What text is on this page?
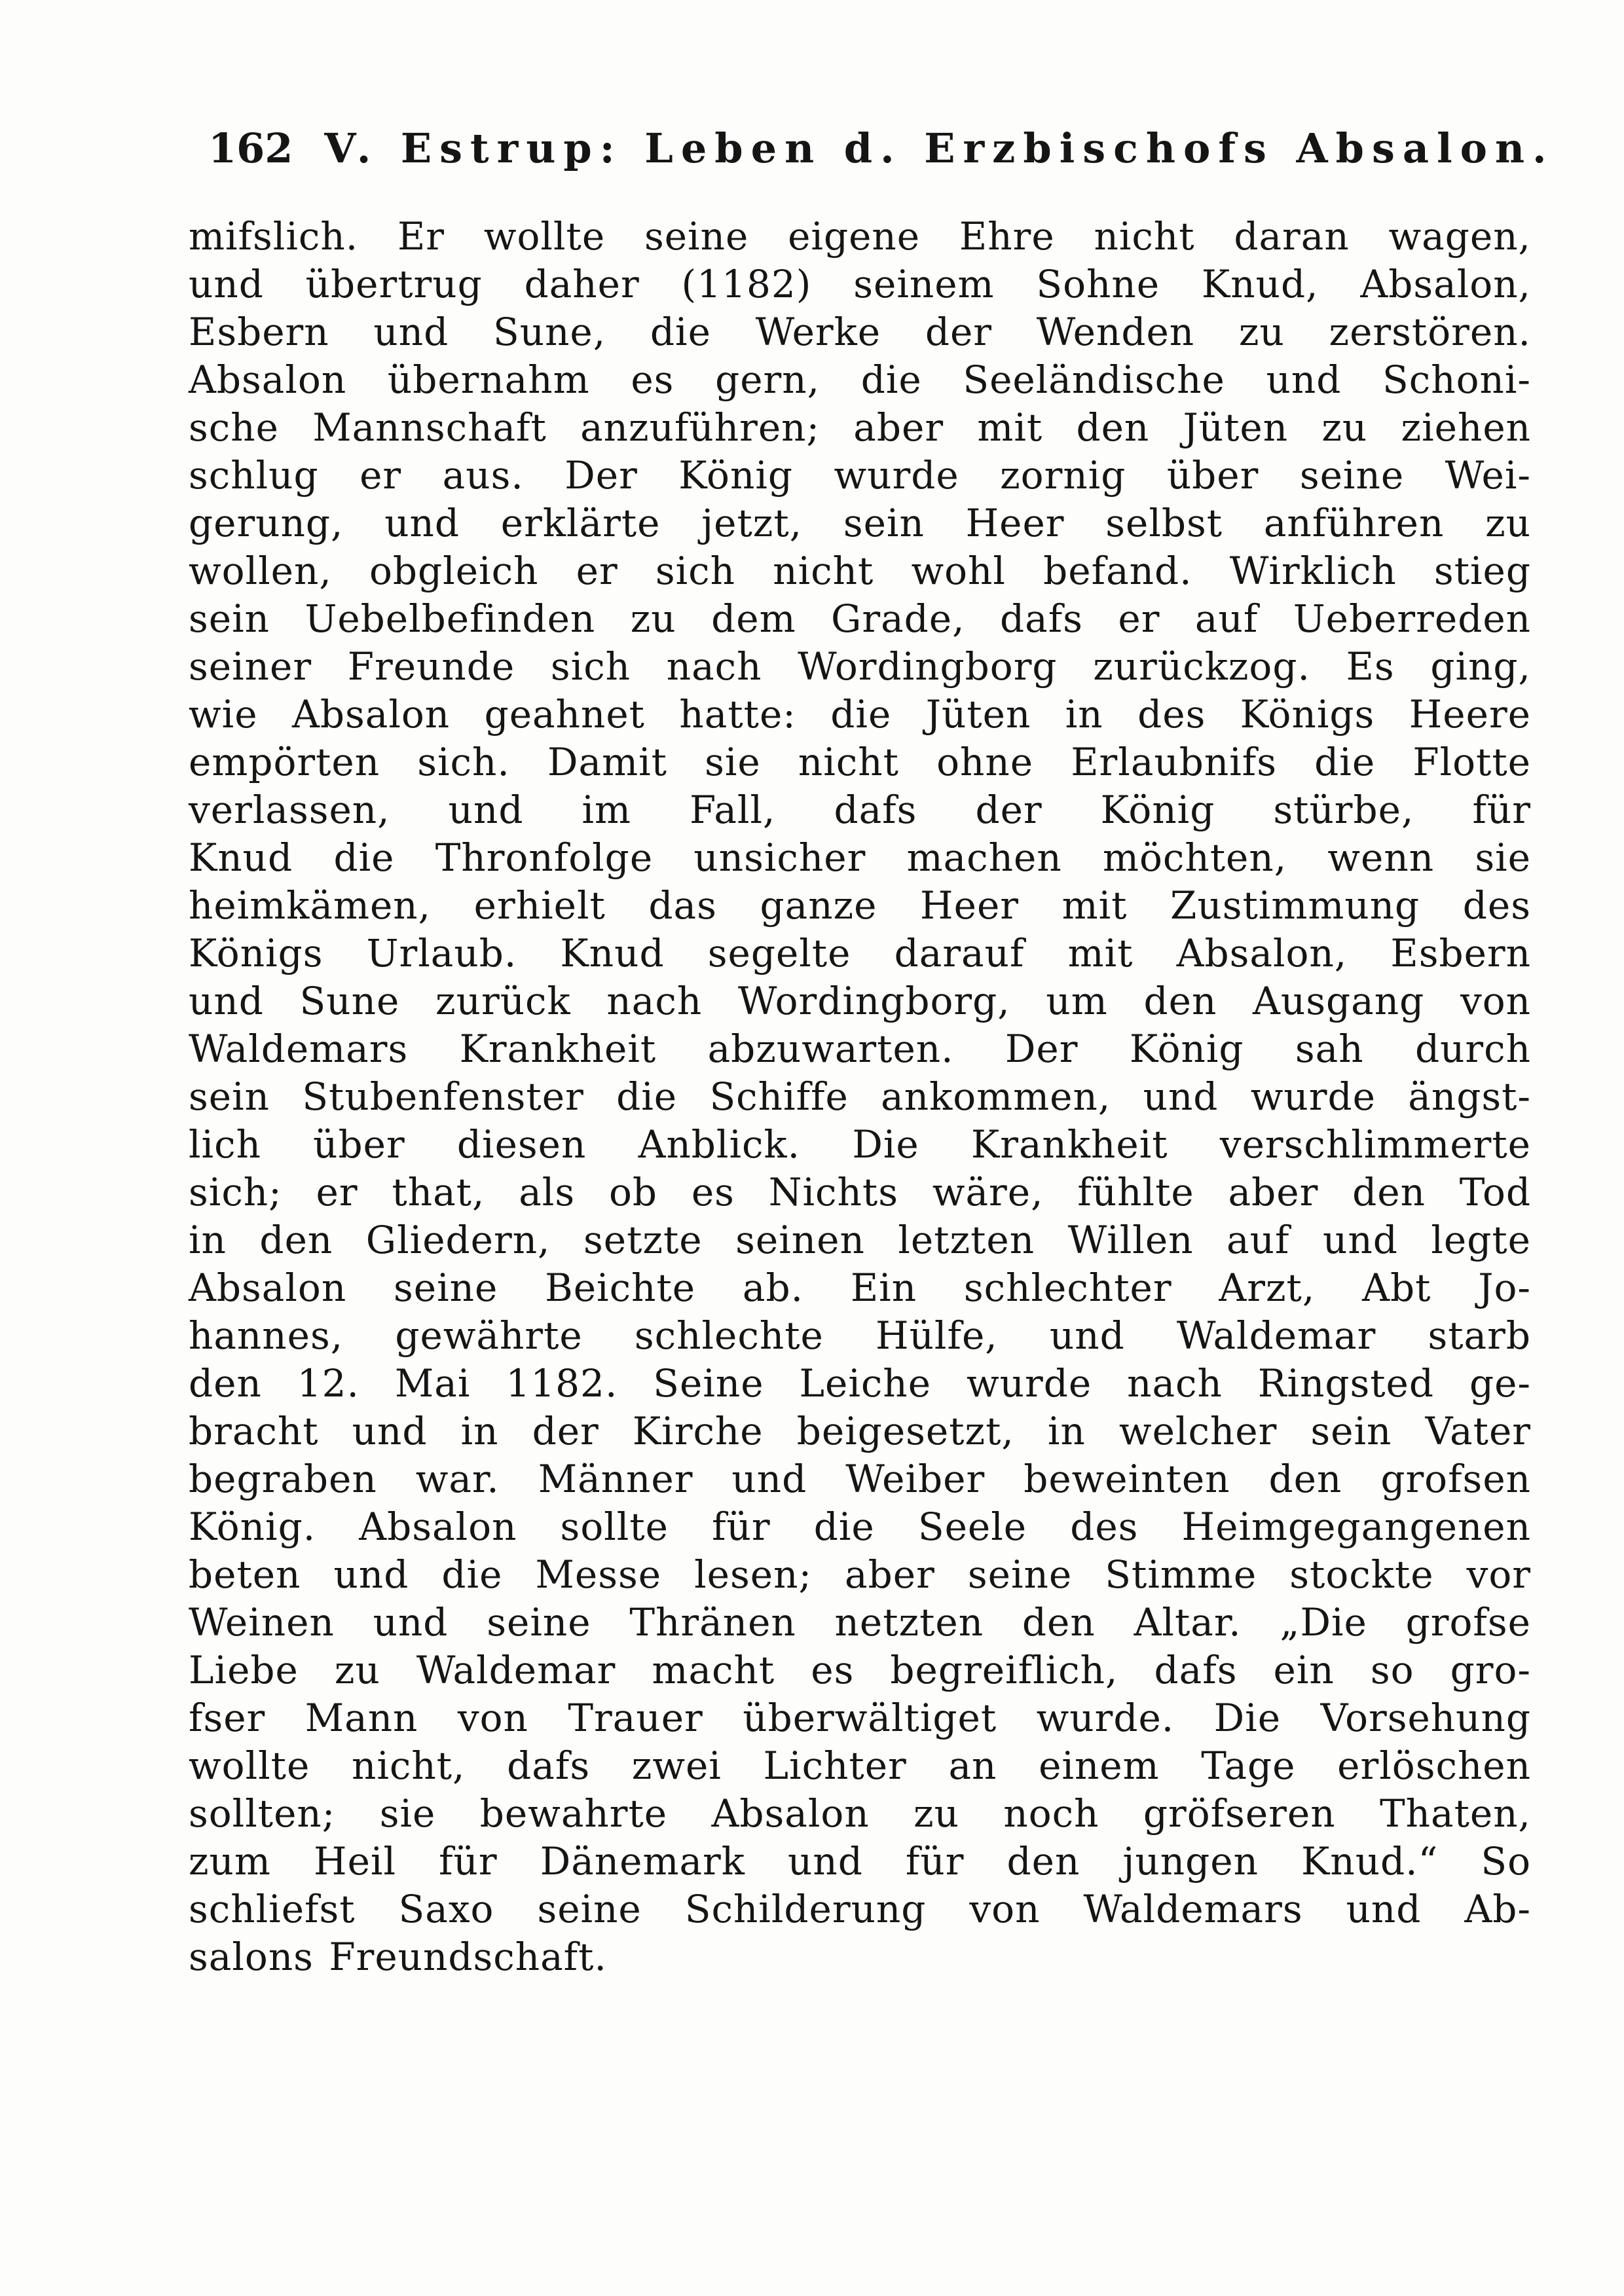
162 V. Estrup: Leben d. Erzbischofs Absalon.
mifslich. Er wollte seine eigene Ehre nicht daran wagen,
und übertrug daher (1182) seinem Sohne Knud, Absalon,
Esbern und Sune, die Werke der Wenden zu zerstören.
Absalon übernahm es gern, die Seeländische und Schoni-
sche Mannschaft anzuführen; aber mit den Jüten zu ziehen
schlug er aus. Der König wurde zornig über seine Wei-
gerung, und erklärte jetzt, sein Heer selbst anführen zu
wollen, obgleich er sich nicht wohl befand. Wirklich stieg
sein Uebelbefinden zu dem Grade, dafs er auf Ueberreden
seiner Freunde sich nach Wordingborg zurückzog. Es ging,
wie Absalon geahnet hatte: die Jüten in des Königs Heere
empörten sich. Damit sie nicht ohne Erlaubnifs die Flotte
verlassen, und im Fall, dafs der König stürbe, für
Knud die Thronfolge unsicher machen möchten, wenn sie
heimkämen, erhielt das ganze Heer mit Zustimmung des
Königs Urlaub. Knud segelte darauf mit Absalon, Esbern
und Sune zurück nach Wordingborg, um den Ausgang von
Waldemars Krankheit abzuwarten. Der König sah durch
sein Stubenfenster die Schiffe ankommen, und wurde ängst-
lich über diesen Anblick. Die Krankheit verschlimmerte
sich; er that, als ob es Nichts wäre, fühlte aber den Tod
in den Gliedern, setzte seinen letzten Willen auf und legte
Absalon seine Beichte ab. Ein schlechter Arzt, Abt Jo-
hannes, gewährte schlechte Hülfe, und Waldemar starb
den 12. Mai 1182. Seine Leiche wurde nach Ringsted ge-
bracht und in der Kirche beigesetzt, in welcher sein Vater
begraben war. Männer und Weiber beweinten den grofsen
König. Absalon sollte für die Seele des Heimgegangenen
beten und die Messe lesen; aber seine Stimme stockte vor
Weinen und seine Thränen netzten den Altar. „Die grofse
Liebe zu Waldemar macht es begreiflich, dafs ein so gro-
fser Mann von Trauer überwältiget wurde. Die Vorsehung
wollte nicht, dafs zwei Lichter an einem Tage erlöschen
sollten; sie bewahrte Absalon zu noch gröfseren Thaten,
zum Heil für Dänemark und für den jungen Knud.“ So
schliefst Saxo seine Schilderung von Waldemars und Ab-
salons Freundschaft.
